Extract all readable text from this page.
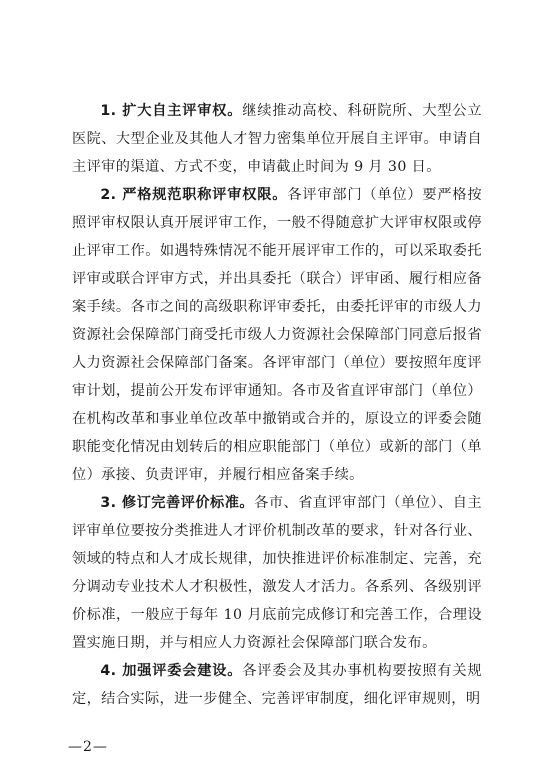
1. 扩大自主评审权。继续推动高校、科研院所、大型公立医院、大型企业及其他人才智力密集单位开展自主评审。申请自主评审的渠道、方式不变，申请截止时间为 9 月 30 日。

2. 严格规范职称评审权限。各评审部门（单位）要严格按照评审权限认真开展评审工作，一般不得随意扩大评审权限或停止评审工作。如遇特殊情况不能开展评审工作的，可以采取委托评审或联合评审方式，并出具委托（联合）评审函、履行相应备案手续。各市之间的高级职称评审委托，由委托评审的市级人力资源社会保障部门商受托市级人力资源社会保障部门同意后报省人力资源社会保障部门备案。各评审部门（单位）要按照年度评审计划，提前公开发布评审通知。各市及省直评审部门（单位）在机构改革和事业单位改革中撤销或合并的，原设立的评委会随职能变化情况由划转后的相应职能部门（单位）或新的部门（单位）承接、负责评审，并履行相应备案手续。

3. 修订完善评价标准。各市、省直评审部门（单位）、自主评审单位要按分类推进人才评价机制改革的要求，针对各行业、领域的特点和人才成长规律，加快推进评价标准制定、完善，充分调动专业技术人才积极性，激发人才活力。各系列、各级别评价标准，一般应于每年 10 月底前完成修订和完善工作，合理设置实施日期，并与相应人力资源社会保障部门联合发布。

4. 加强评委会建设。各评委会及其办事机构要按照有关规定，结合实际，进一步健全、完善评审制度，细化评审规则，明

—2—
